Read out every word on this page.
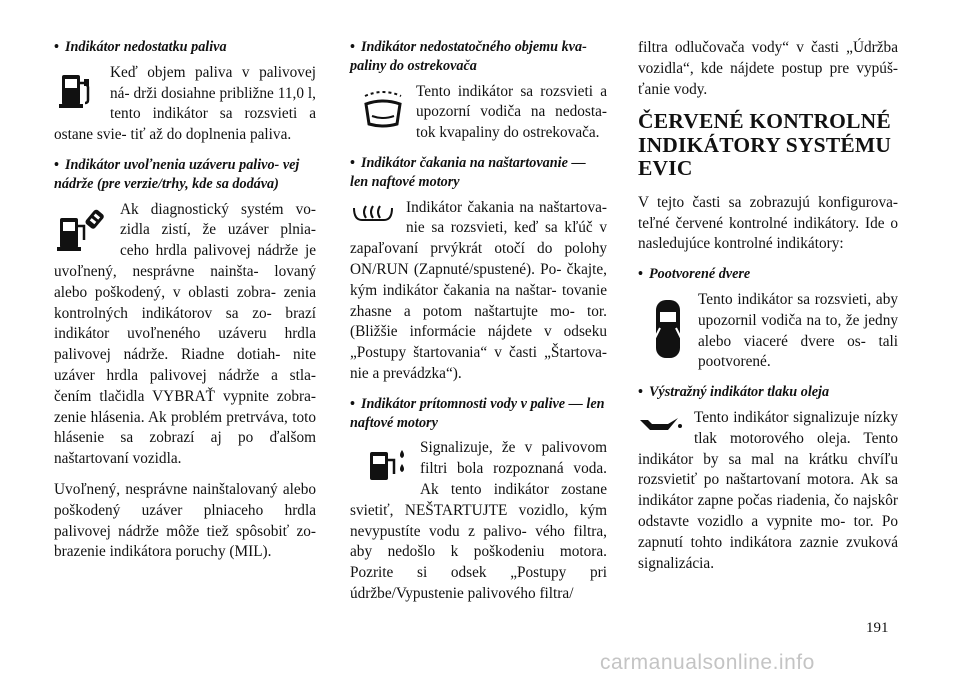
• Indikátor nedostatku paliva

Keď objem paliva v palivovej ná- drži dosiahne približne 11,0 l, tento indikátor sa rozsvieti a ostane svie- tiť až do doplnenia paliva.

• Indikátor uvoľnenia uzáveru palivo- vej nádrže (pre verzie/trhy, kde sa dodáva)

Ak diagnostický systém vo- zidla zistí, že uzáver plnia- ceho hrdla palivovej nádrže je uvoľnený, nesprávne nainšta- lovaný alebo poškodený, v oblasti zobra- zenia kontrolných indikátorov sa zo- brazí indikátor uvoľneného uzáveru hrdla palivovej nádrže. Riadne dotiah- nite uzáver hrdla palivovej nádrže a stla- čením tlačidla VYBRAŤ vypnite zobra- zenie hlásenia. Ak problém pretrváva, toto hlásenie sa zobrazí aj po ďalšom naštartovaní vozidla.

Uvoľnený, nesprávne nainštalovaný alebo poškodený uzáver plniaceho hrdla palivovej nádrže môže tiež spôsobiť zo- brazenie indikátora poruchy (MIL).

• Indikátor nedostatočného objemu kva- paliny do ostrekovača

Tento indikátor sa rozsvieti a upozorní vodiča na nedosta- tok kvapaliny do ostrekovača.

• Indikátor čakania na naštartovanie — len naftové motory

Indikátor čakania na naštartova- nie sa rozsvieti, keď sa kľúč v zapaľovaní prvýkrát otočí do polohy ON/RUN (Zapnuté/spustené). Po- čkajte, kým indikátor čakania na naštar- tovanie zhasne a potom naštartujte mo- tor. (Bližšie informácie nájdete v odseku „Postupy štartovania“ v časti „Štartova- nie a prevádzka“).

• Indikátor prítomnosti vody v palive — len naftové motory

Signalizuje, že v palivovom filtri bola rozpoznaná voda. Ak tento indikátor zostane svietiť, NEŠTARTUJTE vozidlo, kým nevypustíte vodu z palivo- vého filtra, aby nedošlo k poškodeniu motora. Pozrite si odsek „Postupy pri údržbe/Vypustenie palivového filtra/

filtra odlučovača vody“ v časti „Údržba vozidla“, kde nájdete postup pre vypúš- ťanie vody.

ČERVENÉ KONTROLNÉ INDIKÁTORY SYSTÉMU EVIC

V tejto časti sa zobrazujú konfigurova- teľné červené kontrolné indikátory. Ide o nasledujúce kontrolné indikátory:

• Pootvorené dvere

Tento indikátor sa rozsvieti, aby upozornil vodiča na to, že jedny alebo viaceré dvere os- tali pootvorené.

• Výstražný indikátor tlaku oleja

Tento indikátor signalizuje nízky tlak motorového oleja. Tento indikátor by sa mal na krátku chvíľu rozsvietiť po naštartovaní motora. Ak sa indikátor zapne počas riadenia, čo najskôr odstavte vozidlo a vypnite mo- tor. Po zapnutí tohto indikátora zaznie zvuková signalizácia.

191
carmanualsonline.info
